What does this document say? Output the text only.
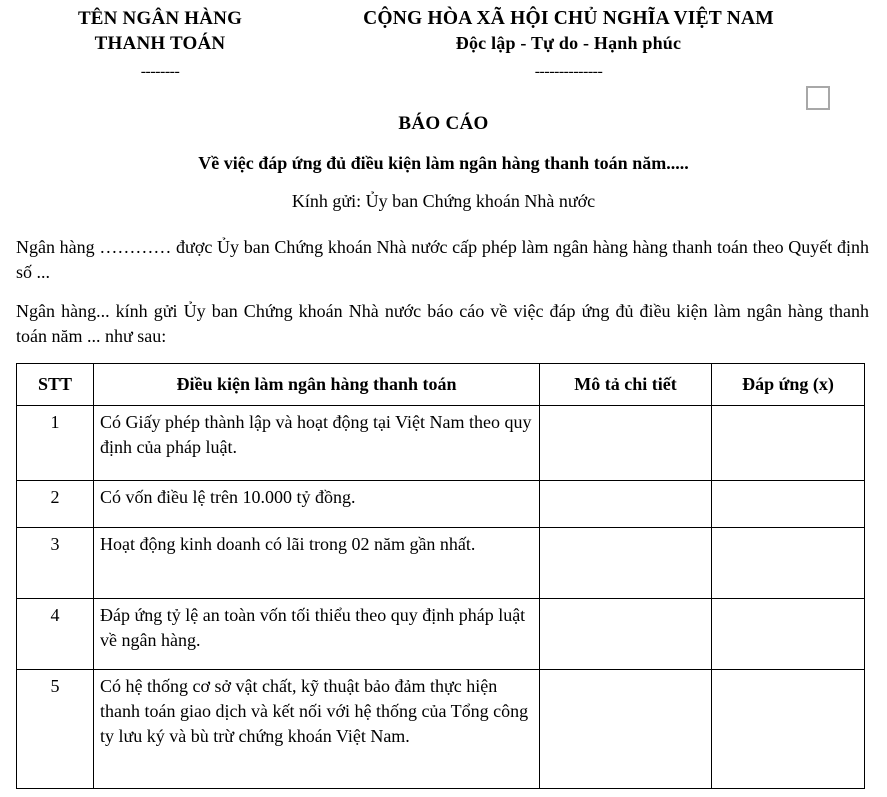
TÊN NGÂN HÀNG
THANH TOÁN
--------
CỘNG HÒA XÃ HỘI CHỦ NGHĨA VIỆT NAM
Độc lập - Tự do - Hạnh phúc
--------------
BÁO CÁO
Về việc đáp ứng đủ điều kiện làm ngân hàng thanh toán năm.....
Kính gửi: Ủy ban Chứng khoán Nhà nước

Ngân hàng ………… được Ủy ban Chứng khoán Nhà nước cấp phép làm ngân hàng hàng thanh toán theo Quyết định số ...

Ngân hàng... kính gửi Ủy ban Chứng khoán Nhà nước báo cáo về việc đáp ứng đủ điều kiện làm ngân hàng thanh toán năm ... như sau:

STT	Điều kiện làm ngân hàng thanh toán	Mô tả chi tiết	Đáp ứng (x)
1	Có Giấy phép thành lập và hoạt động tại Việt Nam theo quy định của pháp luật.		
2	Có vốn điều lệ trên 10.000 tỷ đồng.		
3	Hoạt động kinh doanh có lãi trong 02 năm gần nhất.		
4	Đáp ứng tỷ lệ an toàn vốn tối thiểu theo quy định pháp luật về ngân hàng.		
5	Có hệ thống cơ sở vật chất, kỹ thuật bảo đảm thực hiện thanh toán giao dịch và kết nối với hệ thống của Tổng công ty lưu ký và bù trừ chứng khoán Việt Nam.		
